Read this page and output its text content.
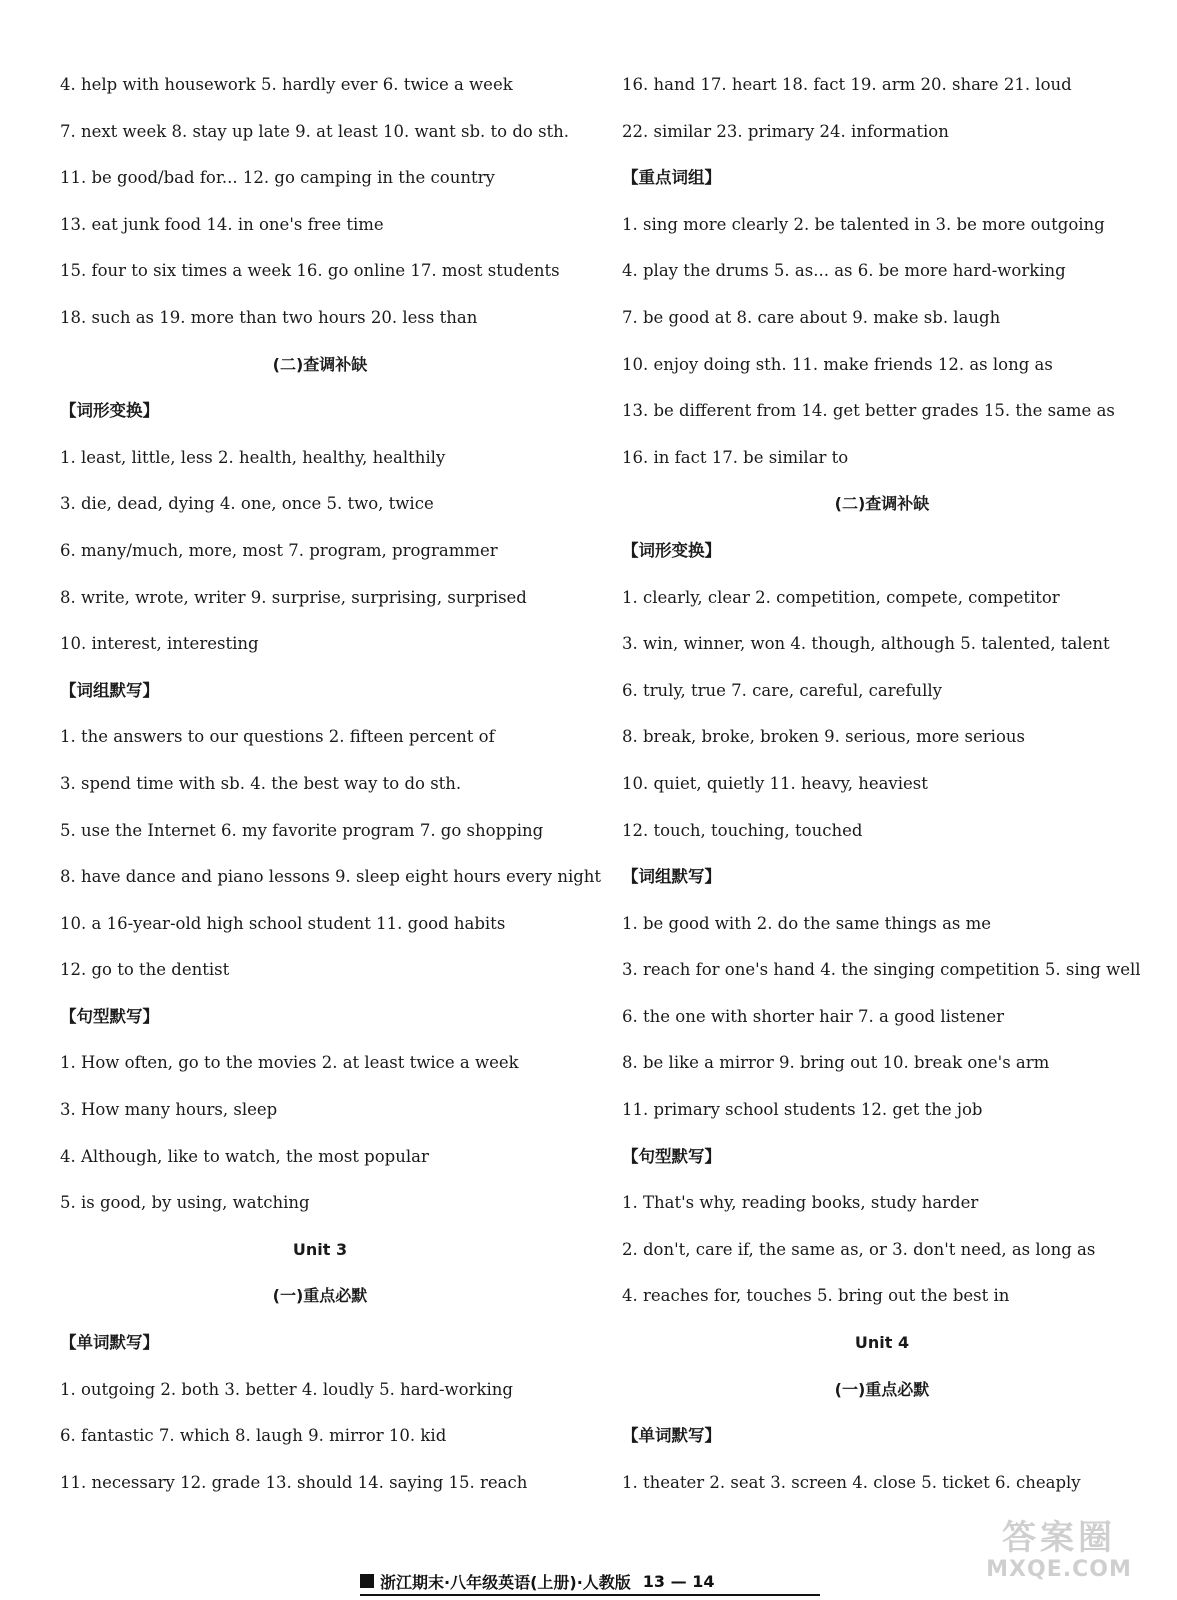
4. help with housework 5. hardly ever 6. twice a week
7. next week 8. stay up late 9. at least 10. want sb. to do sth.
11. be good/bad for... 12. go camping in the country
13. eat junk food 14. in one's free time
15. four to six times a week 16. go online 17. most students
18. such as 19. more than two hours 20. less than
(二)查调补缺
【词形变换】
1. least, little, less 2. health, healthy, healthily
3. die, dead, dying 4. one, once 5. two, twice
6. many/much, more, most 7. program, programmer
8. write, wrote, writer 9. surprise, surprising, surprised
10. interest, interesting
【词组默写】
1. the answers to our questions 2. fifteen percent of
3. spend time with sb. 4. the best way to do sth.
5. use the Internet 6. my favorite program 7. go shopping
8. have dance and piano lessons 9. sleep eight hours every night
10. a 16-year-old high school student 11. good habits
12. go to the dentist
【句型默写】
1. How often, go to the movies 2. at least twice a week
3. How many hours, sleep
4. Although, like to watch, the most popular
5. is good, by using, watching
Unit 3
(一)重点必默
【单词默写】
1. outgoing 2. both 3. better 4. loudly 5. hard-working
6. fantastic 7. which 8. laugh 9. mirror 10. kid
11. necessary 12. grade 13. should 14. saying 15. reach
16. hand 17. heart 18. fact 19. arm 20. share 21. loud
22. similar 23. primary 24. information
【重点词组】
1. sing more clearly 2. be talented in 3. be more outgoing
4. play the drums 5. as... as 6. be more hard-working
7. be good at 8. care about 9. make sb. laugh
10. enjoy doing sth. 11. make friends 12. as long as
13. be different from 14. get better grades 15. the same as
16. in fact 17. be similar to
(二)查调补缺
【词形变换】
1. clearly, clear 2. competition, compete, competitor
3. win, winner, won 4. though, although 5. talented, talent
6. truly, true 7. care, careful, carefully
8. break, broke, broken 9. serious, more serious
10. quiet, quietly 11. heavy, heaviest
12. touch, touching, touched
【词组默写】
1. be good with 2. do the same things as me
3. reach for one's hand 4. the singing competition 5. sing well
6. the one with shorter hair 7. a good listener
8. be like a mirror 9. bring out 10. break one's arm
11. primary school students 12. get the job
【句型默写】
1. That's why, reading books, study harder
2. don't, care if, the same as, or 3. don't need, as long as
4. reaches for, touches 5. bring out the best in
Unit 4
(一)重点必默
【单词默写】
1. theater 2. seat 3. screen 4. close 5. ticket 6. cheaply
浙江期末·八年级英语(上册)·人教版 13 — 14
答案圈
MXQE.COM
